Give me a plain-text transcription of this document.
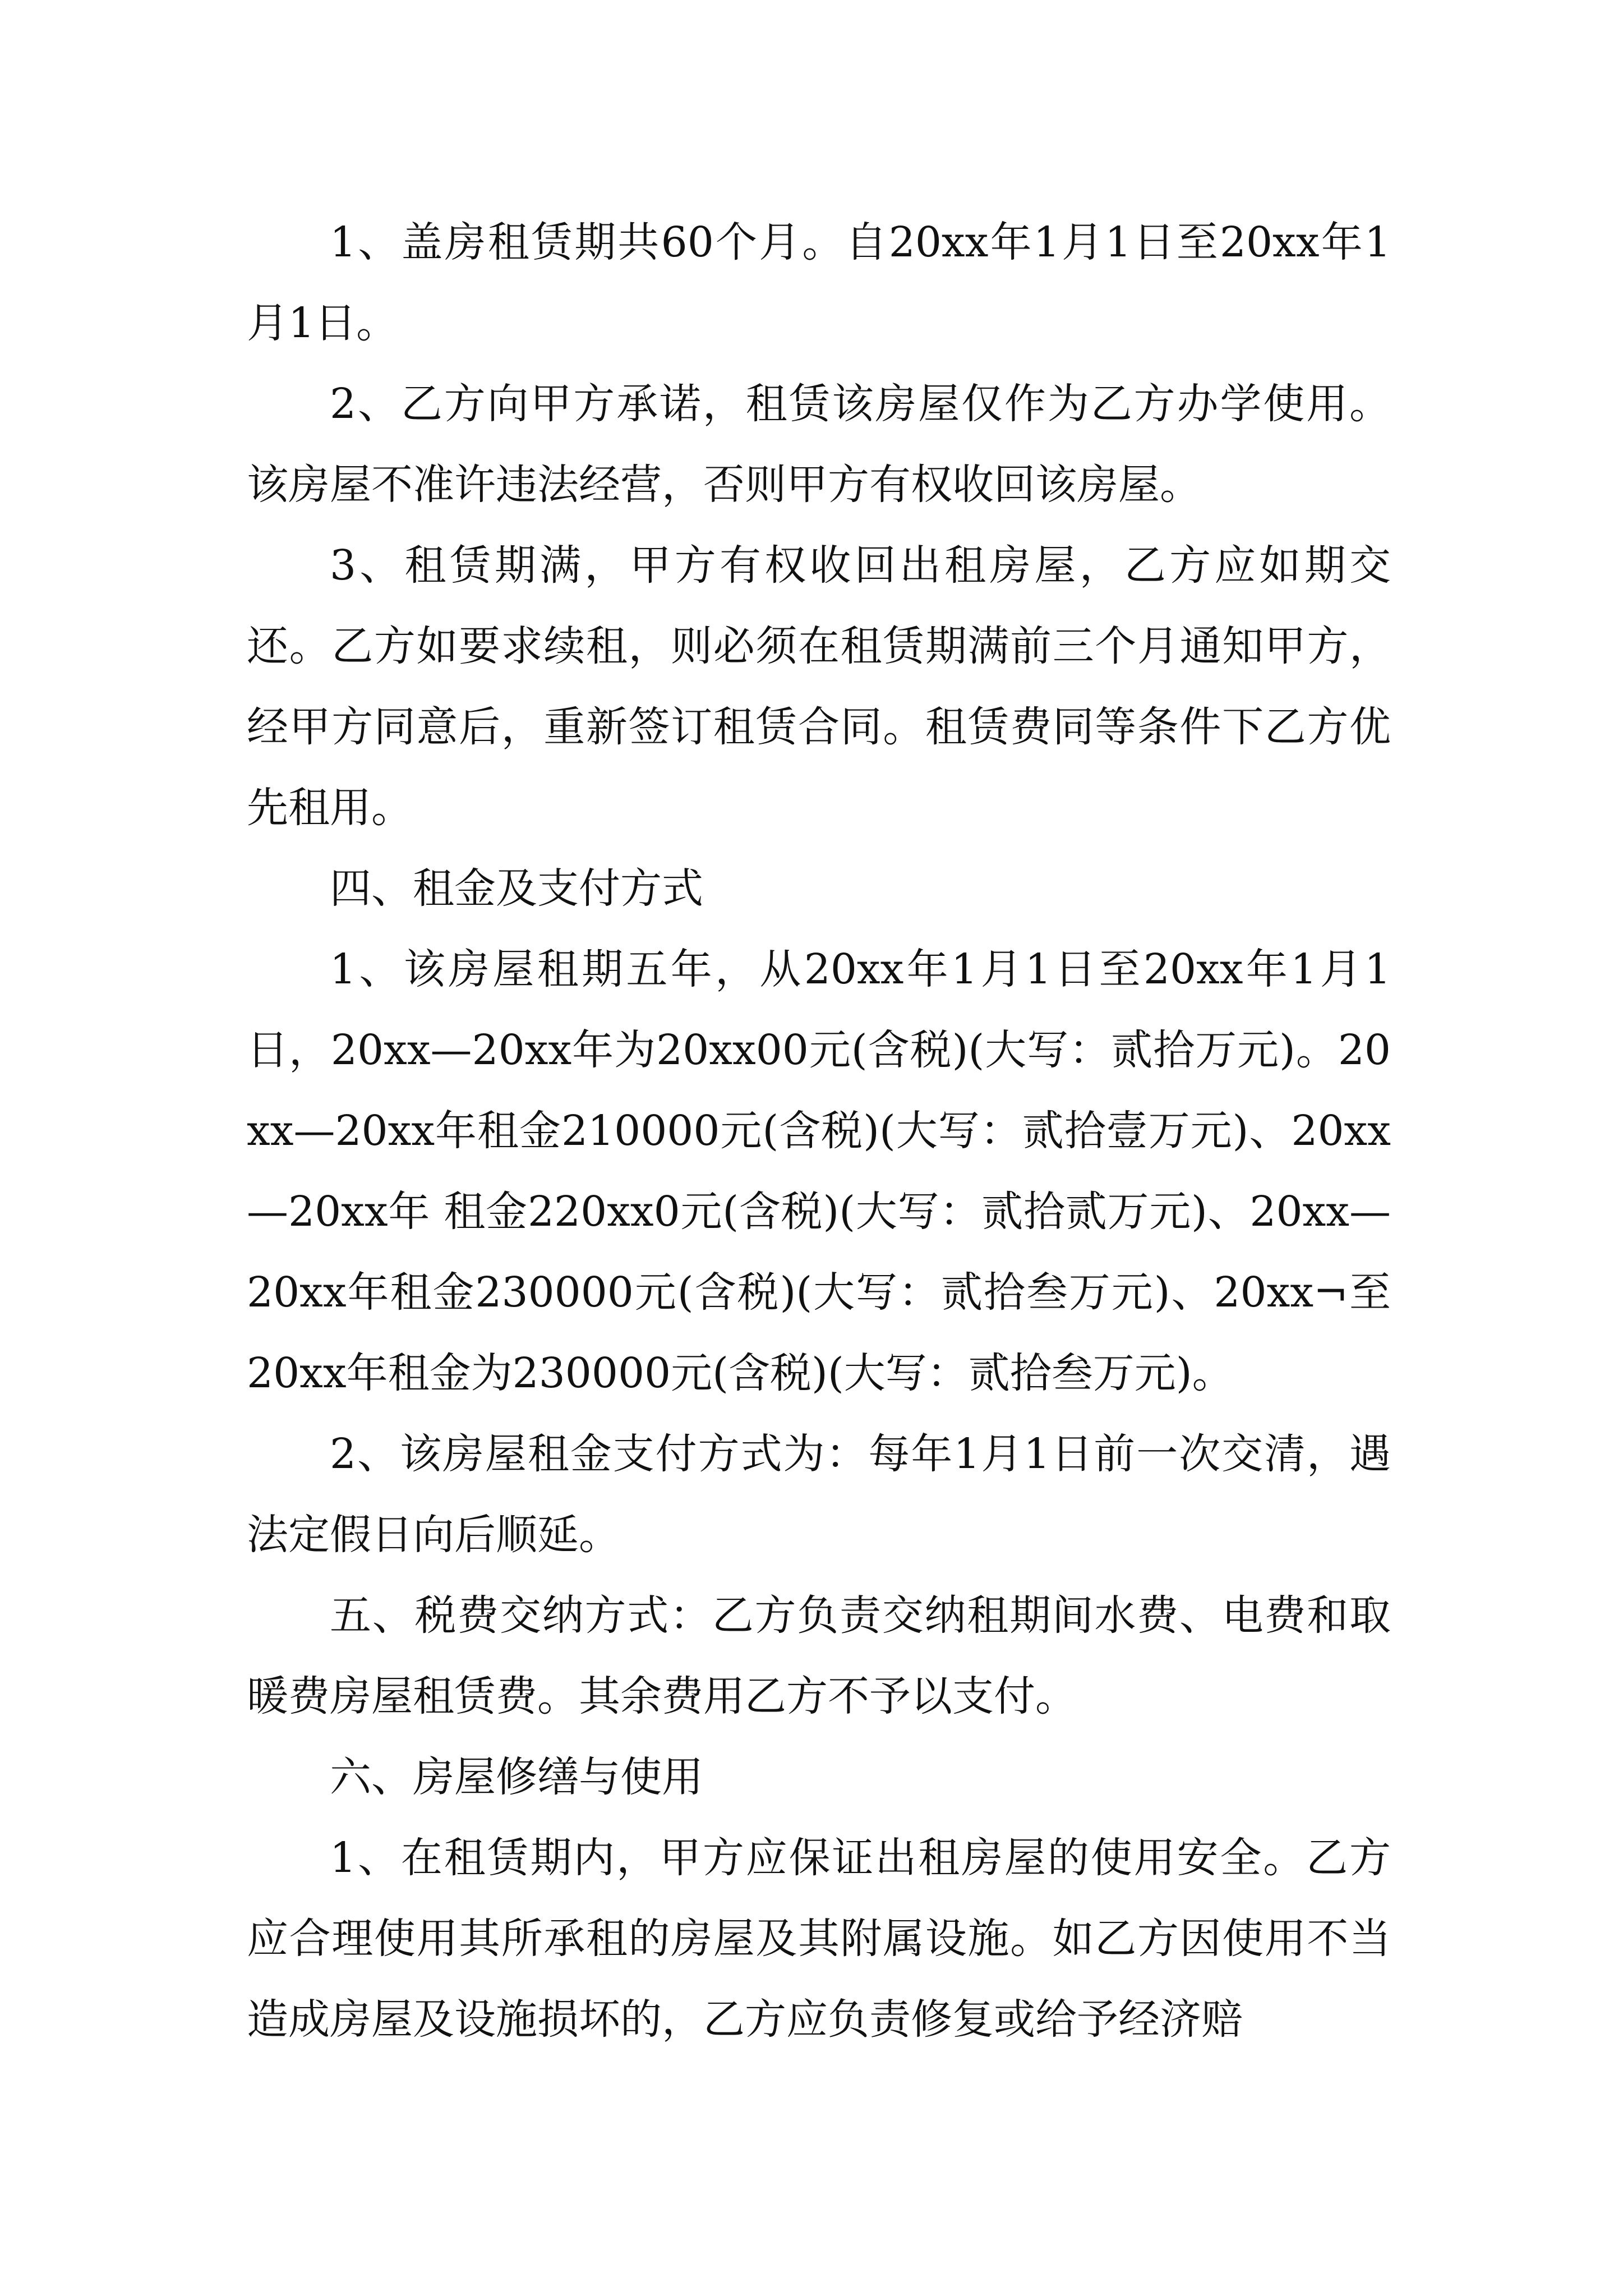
1、盖房租赁期共60个月。自20xx年1月1日至20xx年1月1日。

2、乙方向甲方承诺，租赁该房屋仅作为乙方办学使用。该房屋不准许违法经营，否则甲方有权收回该房屋。

3、租赁期满，甲方有权收回出租房屋，乙方应如期交还。乙方如要求续租，则必须在租赁期满前三个月通知甲方，经甲方同意后，重新签订租赁合同。租赁费同等条件下乙方优先租用。

四、租金及支付方式

1、该房屋租期五年，从20xx年1月1日至20xx年1月1日，20xx—20xx年为20xx00元(含税)(大写：贰拾万元)。20xx—20xx年租金210000元(含税)(大写：贰拾壹万元)、20xx—20xx年 租金220xx0元(含税)(大写：贰拾贰万元)、20xx—20xx年租金230000元(含税)(大写：贰拾叁万元)、20xx¬至20xx年租金为230000元(含税)(大写：贰拾叁万元)。

2、该房屋租金支付方式为：每年1月1日前一次交清，遇法定假日向后顺延。

五、税费交纳方式：乙方负责交纳租期间水费、电费和取暖费房屋租赁费。其余费用乙方不予以支付。

六、房屋修缮与使用

1、在租赁期内，甲方应保证出租房屋的使用安全。乙方应合理使用其所承租的房屋及其附属设施。如乙方因使用不当造成房屋及设施损坏的，乙方应负责修复或给予经济赔
